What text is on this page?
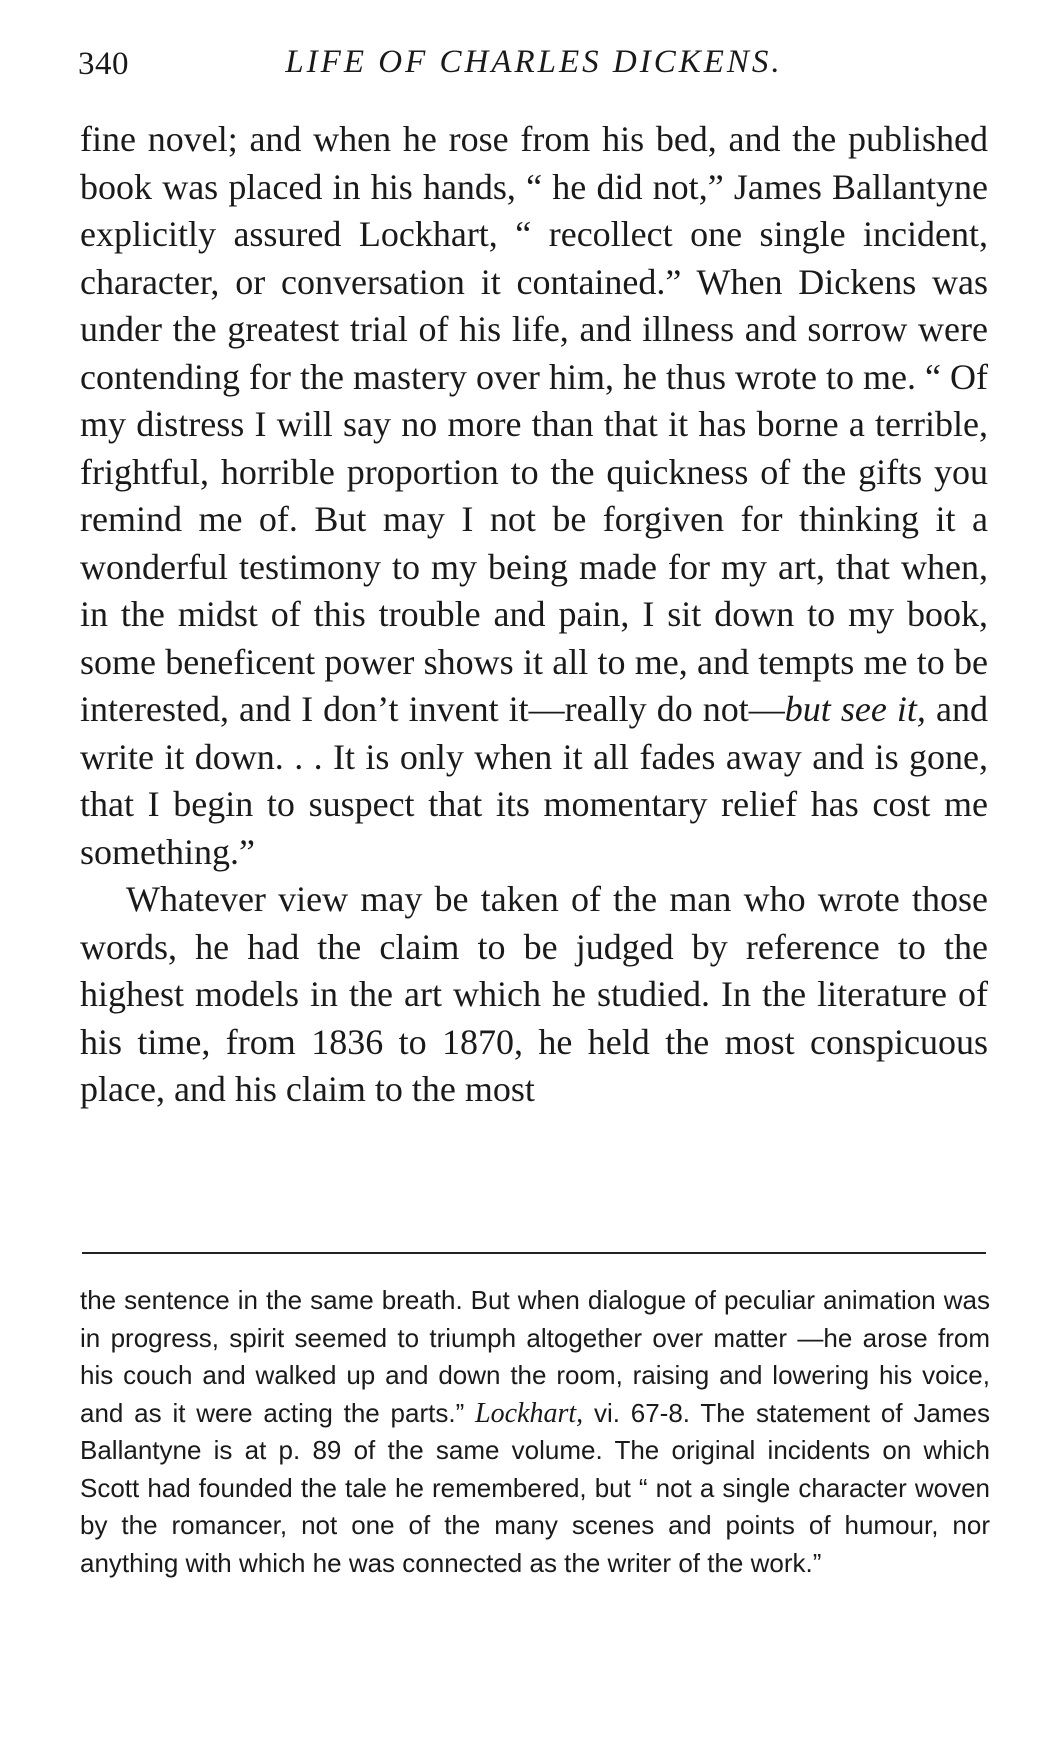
340	LIFE OF CHARLES DICKENS.

fine novel; and when he rose from his bed, and the published book was placed in his hands, “ he did not,” James Ballantyne explicitly assured Lockhart, “ recollect one single incident, character, or conversation it contained.” When Dickens was under the greatest trial of his life, and illness and sorrow were contending for the mastery over him, he thus wrote to me. “ Of my distress I will say no more than that it has borne a terrible, frightful, horrible proportion to the quickness of the gifts you remind me of. But may I not be forgiven for thinking it a wonderful testimony to my being made for my art, that when, in the midst of this trouble and pain, I sit down to my book, some beneficent power shows it all to me, and tempts me to be interested, and I don’t invent it—really do not—but see it, and write it down. . . It is only when it all fades away and is gone, that I begin to suspect that its momentary relief has cost me something.”

Whatever view may be taken of the man who wrote those words, he had the claim to be judged by reference to the highest models in the art which he studied. In the literature of his time, from 1836 to 1870, he held the most conspicuous place, and his claim to the most

the sentence in the same breath. But when dialogue of peculiar animation was in progress, spirit seemed to triumph altogether over matter —he arose from his couch and walked up and down the room, raising and lowering his voice, and as it were acting the parts.” Lockhart, vi. 67-8. The statement of James Ballantyne is at p. 89 of the same volume. The original incidents on which Scott had founded the tale he remembered, but “ not a single character woven by the romancer, not one of the many scenes and points of humour, nor anything with which he was connected as the writer of the work.”
